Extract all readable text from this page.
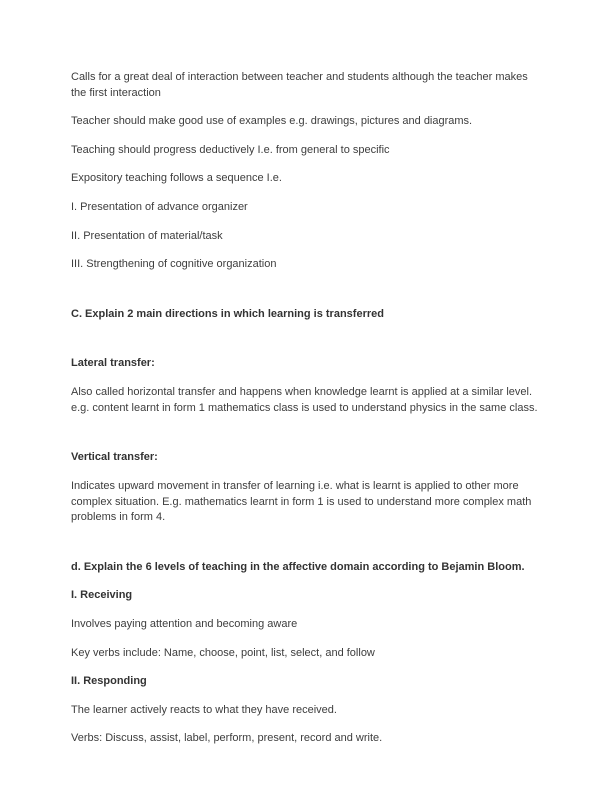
Calls for a great deal of interaction between teacher and students although the teacher makes the first interaction

Teacher should make good use of examples e.g. drawings, pictures and diagrams.

Teaching should progress deductively I.e. from general to specific

Expository teaching follows a sequence I.e.

I. Presentation of advance organizer

II. Presentation of material/task

III. Strengthening of cognitive organization

C. Explain 2 main directions in which learning is transferred

Lateral transfer:

Also called horizontal transfer and happens when knowledge learnt is applied at a similar level. e.g. content learnt in form 1 mathematics class is used to understand physics in the same class.

Vertical transfer:

Indicates upward movement in transfer of learning i.e. what is learnt is applied to other more complex situation. E.g. mathematics learnt in form 1 is used to understand more complex math problems in form 4.

d. Explain the 6 levels of teaching in the affective domain according to Bejamin Bloom.

I. Receiving

Involves paying attention and becoming aware

Key verbs include: Name, choose, point, list, select, and follow

II. Responding

The learner actively reacts to what they have received.

Verbs: Discuss, assist, label, perform, present, record and write.
